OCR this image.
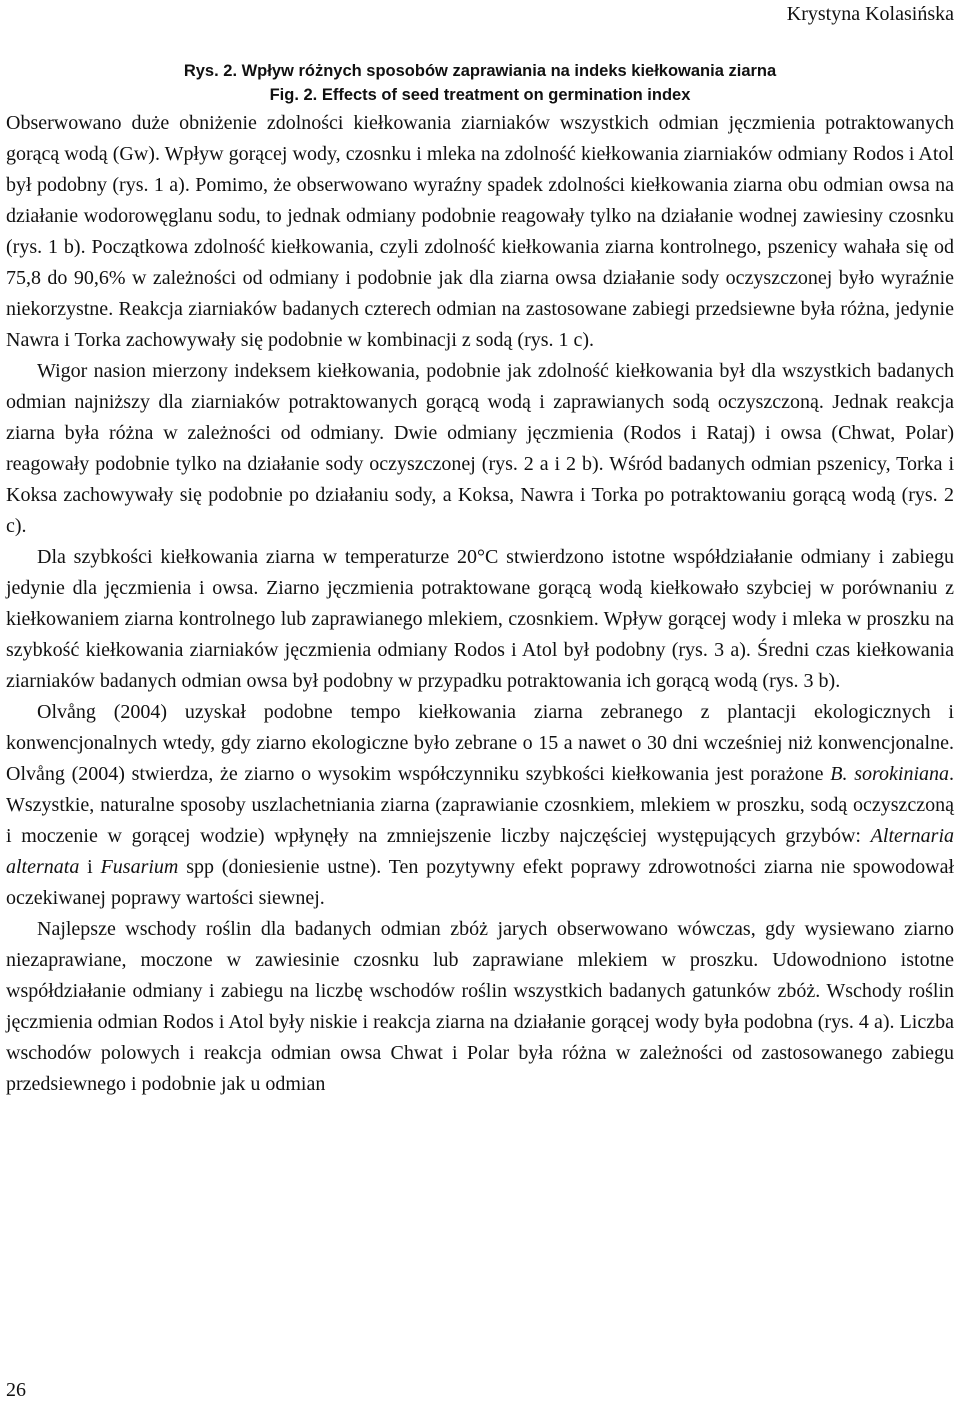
Krystyna Kolasińska
Rys. 2. Wpływ różnych sposobów zaprawiania na indeks kiełkowania ziarna
Fig. 2. Effects of seed treatment on germination index

Obserwowano duże obniżenie zdolności kiełkowania ziarniaków wszystkich odmian jęczmienia potraktowanych gorącą wodą (Gw). Wpływ gorącej wody, czosnku i mleka na zdolność kiełkowania ziarniaków odmiany Rodos i Atol był podobny (rys. 1 a). Pomimo, że obserwowano wyraźny spadek zdolności kiełkowania ziarna obu odmian owsa na działanie wodorowęglanu sodu, to jednak odmiany podobnie reagowały tylko na działanie wodnej zawiesiny czosnku (rys. 1 b). Początkowa zdolność kiełkowania, czyli zdolność kiełkowania ziarna kontrolnego, pszenicy wahała się od 75,8 do 90,6% w zależności od odmiany i podobnie jak dla ziarna owsa działanie sody oczyszczonej było wyraźnie niekorzystne. Reakcja ziarniaków badanych czterech odmian na zastosowane zabiegi przedsiewne była różna, jedynie Nawra i Torka zachowywały się podobnie w kombinacji z sodą (rys. 1 c).

Wigor nasion mierzony indeksem kiełkowania, podobnie jak zdolność kiełkowania był dla wszystkich badanych odmian najniższy dla ziarniaków potraktowanych gorącą wodą i zaprawianych sodą oczyszczoną. Jednak reakcja ziarna była różna w zależności od odmiany. Dwie odmiany jęczmienia (Rodos i Rataj) i owsa (Chwat, Polar) reagowały podobnie tylko na działanie sody oczyszczonej (rys. 2 a i 2 b). Wśród badanych odmian pszenicy, Torka i Koksa zachowywały się podobnie po działaniu sody, a Koksa, Nawra i Torka po potraktowaniu gorącą wodą (rys. 2 c).

Dla szybkości kiełkowania ziarna w temperaturze 20°C stwierdzono istotne współdziałanie odmiany i zabiegu jedynie dla jęczmienia i owsa. Ziarno jęczmienia potraktowane gorącą wodą kiełkowało szybciej w porównaniu z kiełkowaniem ziarna kontrolnego lub zaprawianego mlekiem, czosnkiem. Wpływ gorącej wody i mleka w proszku na szybkość kiełkowania ziarniaków jęczmienia odmiany Rodos i Atol był podobny (rys. 3 a). Średni czas kiełkowania ziarniaków badanych odmian owsa był podobny w przypadku potraktowania ich gorącą wodą (rys. 3 b).

Olvång (2004) uzyskał podobne tempo kiełkowania ziarna zebranego z plantacji ekologicznych i konwencjonalnych wtedy, gdy ziarno ekologiczne było zebrane o 15 a nawet o 30 dni wcześniej niż konwencjonalne. Olvång (2004) stwierdza, że ziarno o wysokim współczynniku szybkości kiełkowania jest porażone B. sorokiniana. Wszystkie, naturalne sposoby uszlachetniania ziarna (zaprawianie czosnkiem, mlekiem w proszku, sodą oczyszczoną i moczenie w gorącej wodzie) wpłynęły na zmniejszenie liczby najczęściej występujących grzybów: Alternaria alternata i Fusarium spp (doniesienie ustne). Ten pozytywny efekt poprawy zdrowotności ziarna nie spowodował oczekiwanej poprawy wartości siewnej.

Najlepsze wschody roślin dla badanych odmian zbóż jarych obserwowano wówczas, gdy wysiewano ziarno niezaprawiane, moczone w zawiesinie czosnku lub zaprawiane mlekiem w proszku. Udowodniono istotne współdziałanie odmiany i zabiegu na liczbę wschodów roślin wszystkich badanych gatunków zbóż. Wschody roślin jęczmienia odmian Rodos i Atol były niskie i reakcja ziarna na działanie gorącej wody była podobna (rys. 4 a). Liczba wschodów polowych i reakcja odmian owsa Chwat i Polar była różna w zależności od zastosowanego zabiegu przedsiewnego i podobnie jak u odmian

26
